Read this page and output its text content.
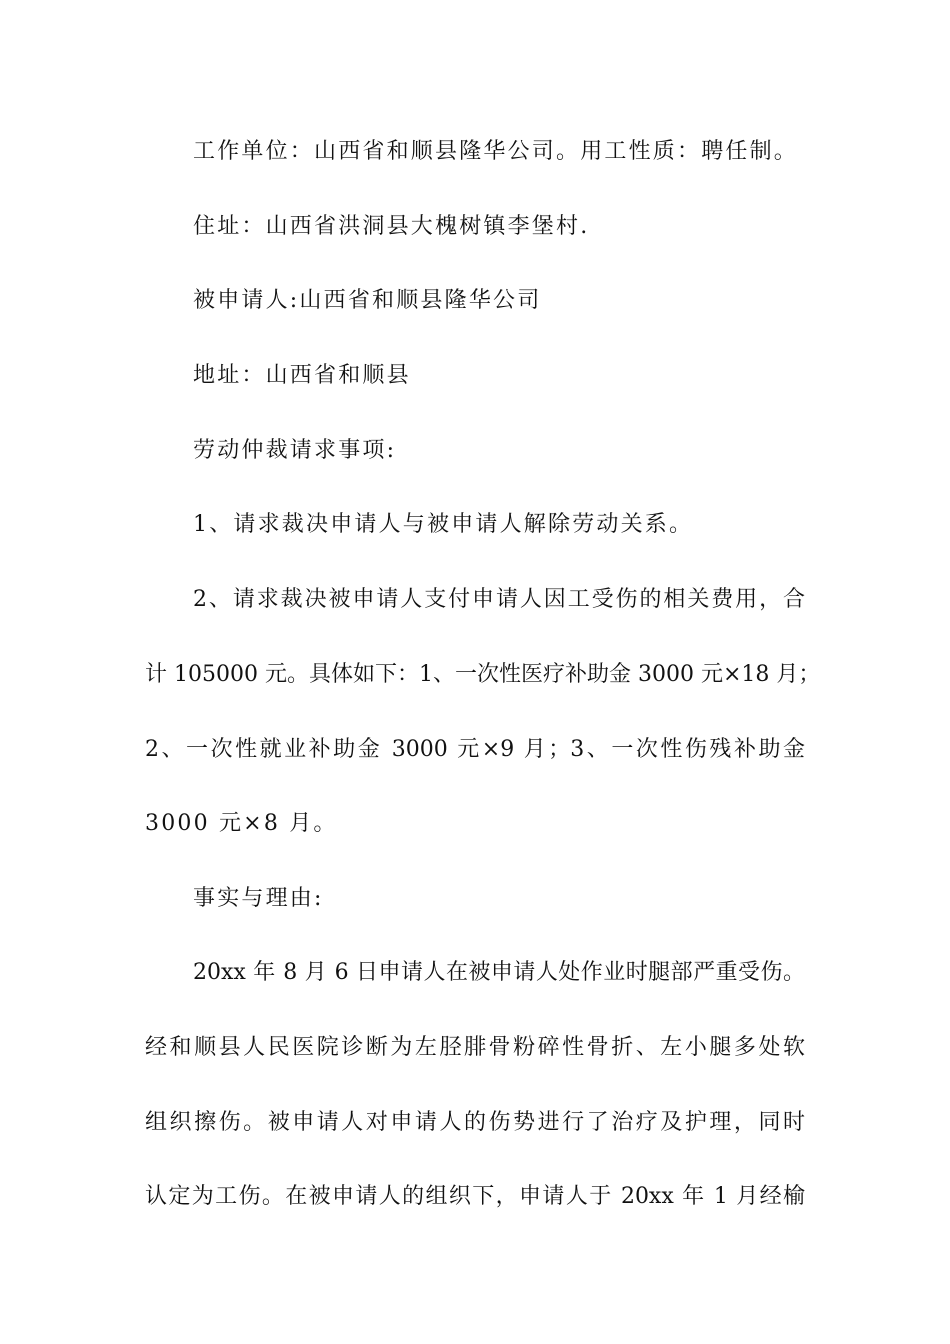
工作单位：山西省和顺县隆华公司。用工性质：聘任制。
住址：山西省洪洞县大槐树镇李堡村.
被申请人:山西省和顺县隆华公司
地址：山西省和顺县
劳动仲裁请求事项:
1、请求裁决申请人与被申请人解除劳动关系。
2、请求裁决被申请人支付申请人因工受伤的相关费用，合
计 105000 元。具体如下：1、一次性医疗补助金 3000 元×18 月；
2、一次性就业补助金 3000 元×9 月；3、一次性伤残补助金
3000 元×8 月。
事实与理由:
20xx 年 8 月 6 日申请人在被申请人处作业时腿部严重受伤。
经和顺县人民医院诊断为左胫腓骨粉碎性骨折、左小腿多处软
组织擦伤。被申请人对申请人的伤势进行了治疗及护理，同时
认定为工伤。在被申请人的组织下，申请人于 20xx 年 1 月经榆
